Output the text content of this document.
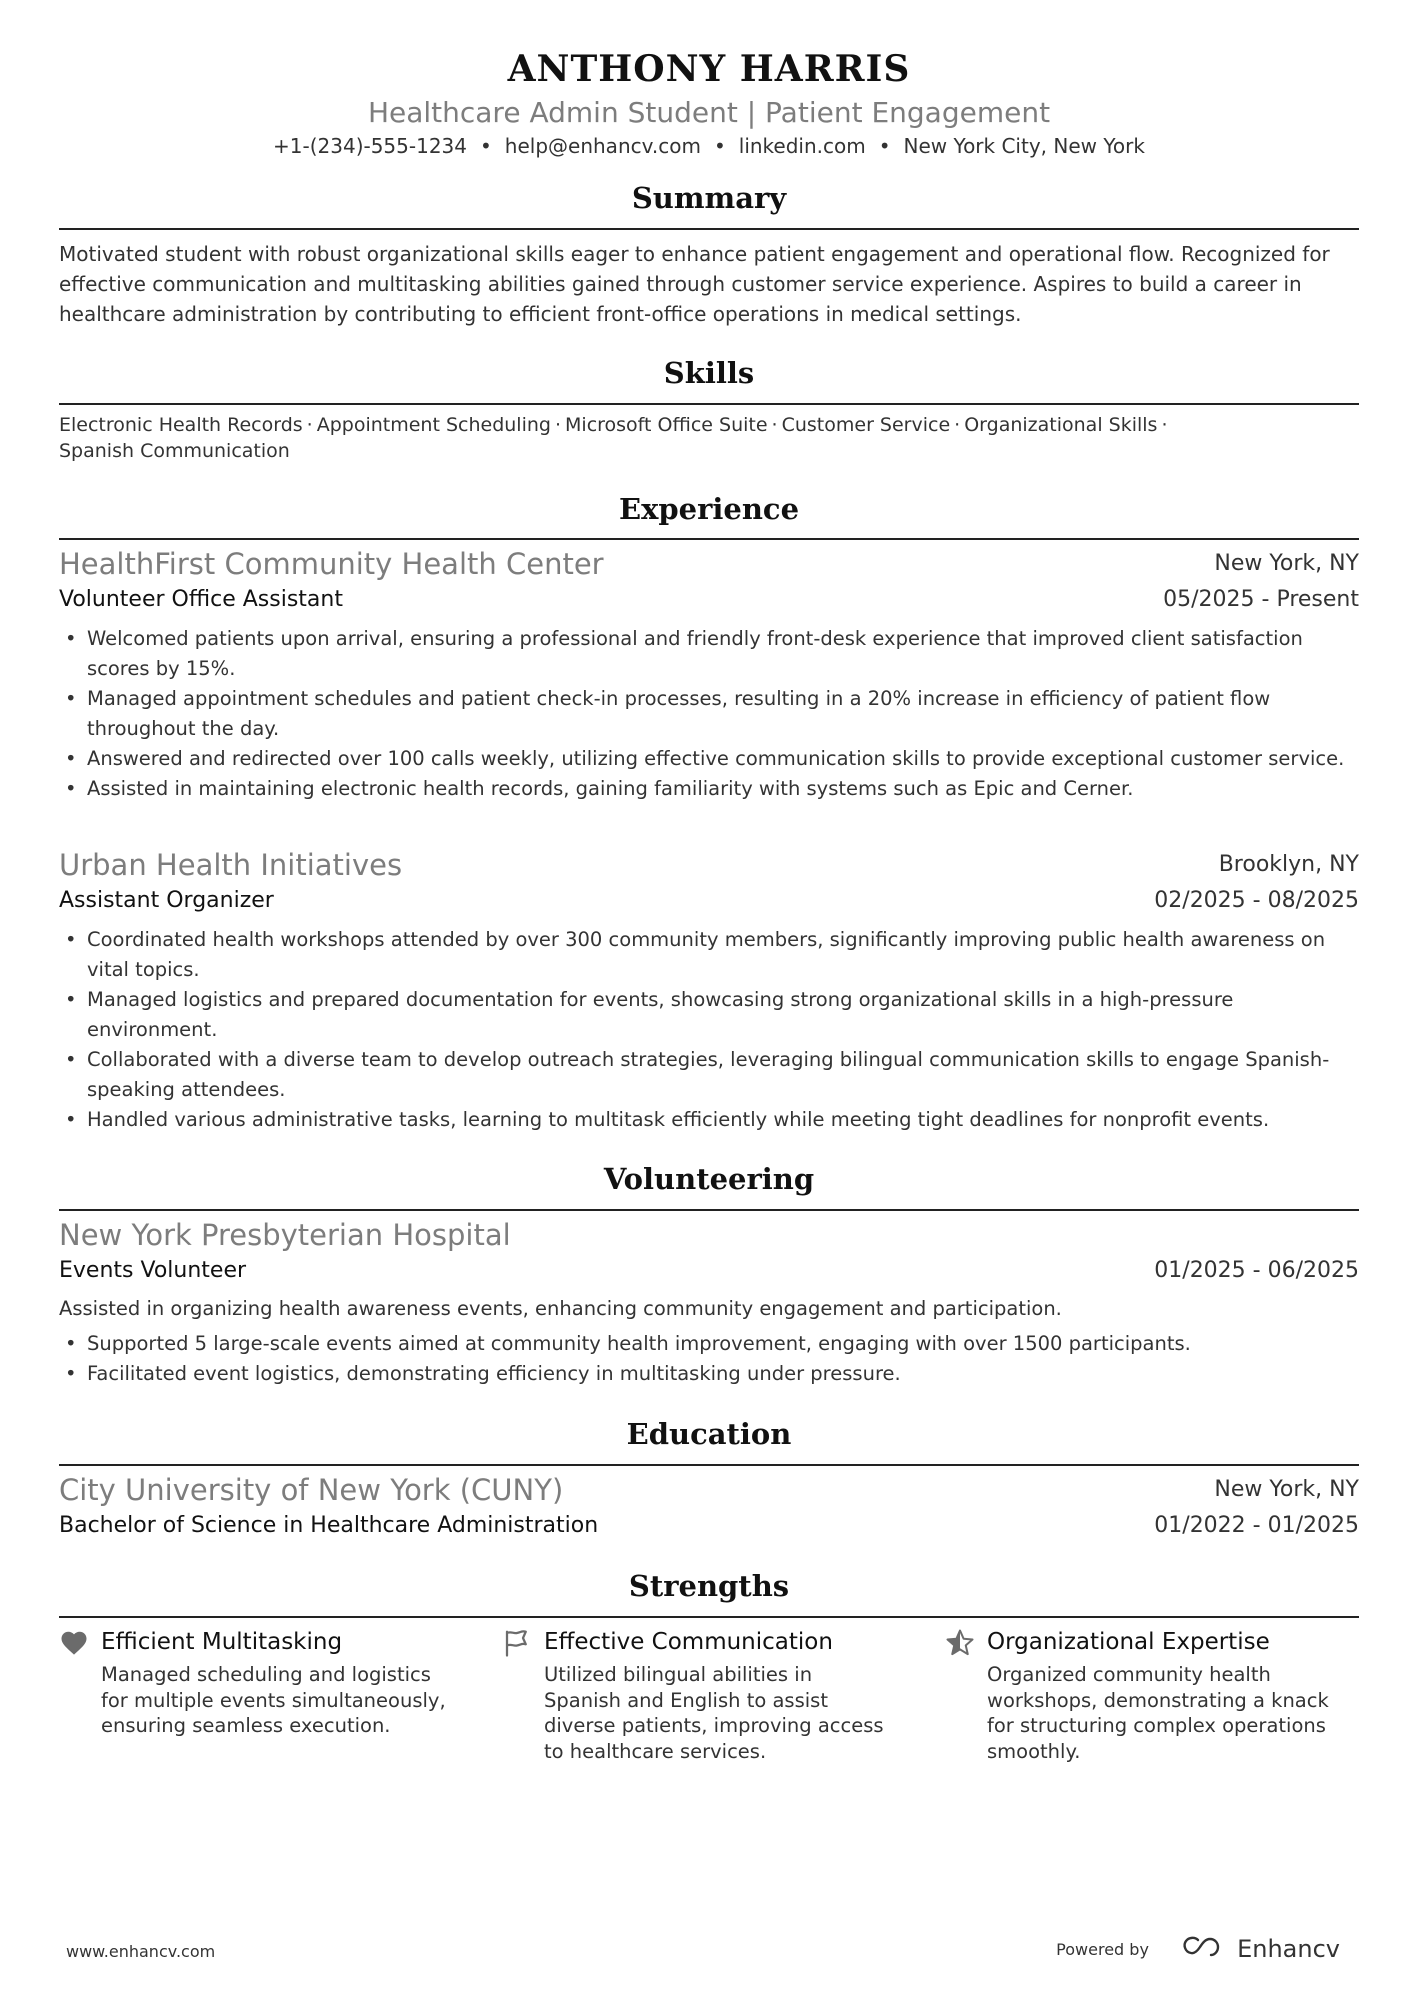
ANTHONY HARRIS

Healthcare Admin Student | Patient Engagement

+1-(234)-555-1234 • help@enhancv.com • linkedin.com • New York City, New York

Summary

Motivated student with robust organizational skills eager to enhance patient engagement and operational flow. Recognized for effective communication and multitasking abilities gained through customer service experience. Aspires to build a career in healthcare administration by contributing to efficient front-office operations in medical settings.

Skills

Electronic Health Records · Appointment Scheduling · Microsoft Office Suite · Customer Service · Organizational Skills ·
Spanish Communication

Experience
HealthFirst Community Health Center	New York, NY
Volunteer Office Assistant	05/2025 - Present
• Welcomed patients upon arrival, ensuring a professional and friendly front-desk experience that improved client satisfaction scores by 15%.
• Managed appointment schedules and patient check-in processes, resulting in a 20% increase in efficiency of patient flow throughout the day.
• Answered and redirected over 100 calls weekly, utilizing effective communication skills to provide exceptional customer service.
• Assisted in maintaining electronic health records, gaining familiarity with systems such as Epic and Cerner.
Urban Health Initiatives	Brooklyn, NY
Assistant Organizer	02/2025 - 08/2025
• Coordinated health workshops attended by over 300 community members, significantly improving public health awareness on vital topics.
• Managed logistics and prepared documentation for events, showcasing strong organizational skills in a high-pressure environment.
• Collaborated with a diverse team to develop outreach strategies, leveraging bilingual communication skills to engage Spanish-speaking attendees.
• Handled various administrative tasks, learning to multitask efficiently while meeting tight deadlines for nonprofit events.
Volunteering
New York Presbyterian Hospital
Events Volunteer	01/2025 - 06/2025

Assisted in organizing health awareness events, enhancing community engagement and participation.

• Supported 5 large-scale events aimed at community health improvement, engaging with over 1500 participants.
• Facilitated event logistics, demonstrating efficiency in multitasking under pressure.
Education
City University of New York (CUNY)	New York, NY
Bachelor of Science in Healthcare Administration	01/2022 - 01/2025
Strengths
Efficient Multitasking

Managed scheduling and logistics for multiple events simultaneously, ensuring seamless execution.

Effective Communication

Utilized bilingual abilities in Spanish and English to assist diverse patients, improving access to healthcare services.

Organizational Expertise

Organized community health workshops, demonstrating a knack for structuring complex operations smoothly.

www.enhancv.com	Powered by	Enhancv
